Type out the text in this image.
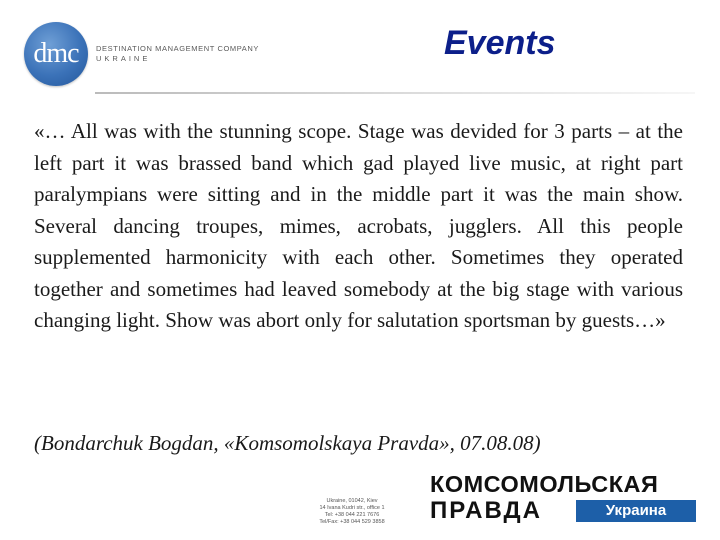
dmc	DESTINATION MANAGEMENT COMPANY
UKRAINE	Events

«… All was with the stunning scope. Stage was devided for 3 parts – at the left part it was brassed band which gad played live music, at right part paralympians were sitting and in the middle part it was the main show. Several dancing troupes, mimes, acrobats, jugglers. All this people supplemented harmonicity with each other. Sometimes they operated together and sometimes had leaved somebody at the big stage with various changing light. Show was abort only for salutation sportsman by guests…»

(Bondarchuk Bogdan, «Komsomolskaya Pravda», 07.08.08)

Ukraine, 01042, Kiev
14 Ivana Kudri str., office 1
Tel: +38 044 221 7676
Tel/Fax: +38 044 529 3858
КОМСОМОЛЬСКАЯ
ПРАВДА	Украина
